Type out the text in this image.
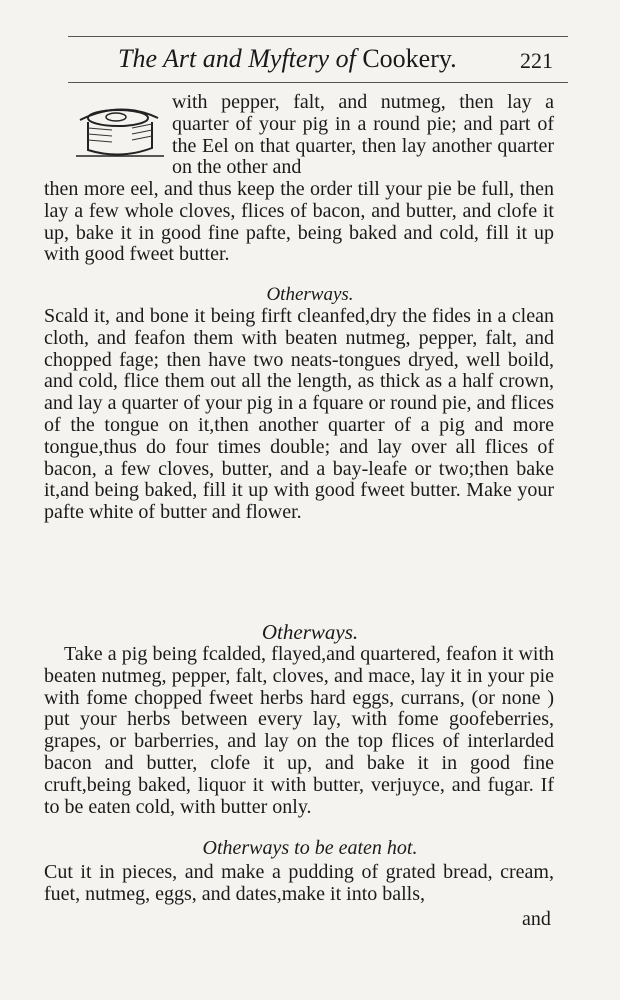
The Art and Myftery of Cookery.	221

with pepper, falt, and nutmeg, then lay a quarter of your pig in a round pie; and part of the Eel on that quarter, then lay another quarter on the other and

then more eel, and thus keep the order till your pie be full, then lay a few whole cloves, flices of bacon, and butter, and clofe it up, bake it in good fine pafte, being baked and cold, fill it up with good fweet butter.

Otherways.

Scald it, and bone it being firft cleanfed,dry the fides in a clean cloth, and feafon them with beaten nutmeg, pepper, falt, and chopped fage; then have two neats-tongues dryed, well boild, and cold, flice them out all the length, as thick as a half crown, and lay a quarter of your pig in a fquare or round pie, and flices of the tongue on it,then another quarter of a pig and more tongue,thus do four times double; and lay over all flices of bacon, a few cloves, butter, and a bay-leafe or two;then bake it,and being baked, fill it up with good fweet butter. Make your pafte white of butter and flower.

Otherways.

Take a pig being fcalded, flayed,and quartered, feafon it with beaten nutmeg, pepper, falt, cloves, and mace, lay it in your pie with fome chopped fweet herbs hard eggs, currans, (or none ) put your herbs between every lay, with fome goofeberries, grapes, or barberries, and lay on the top flices of interlarded bacon and butter, clofe it up, and bake it in good fine cruft,being baked, liquor it with butter, verjuyce, and fugar. If to be eaten cold, with butter only.

Otherways to be eaten hot.

Cut it in pieces, and make a pudding of grated bread, cream, fuet, nutmeg, eggs, and dates,make it into balls,

and
